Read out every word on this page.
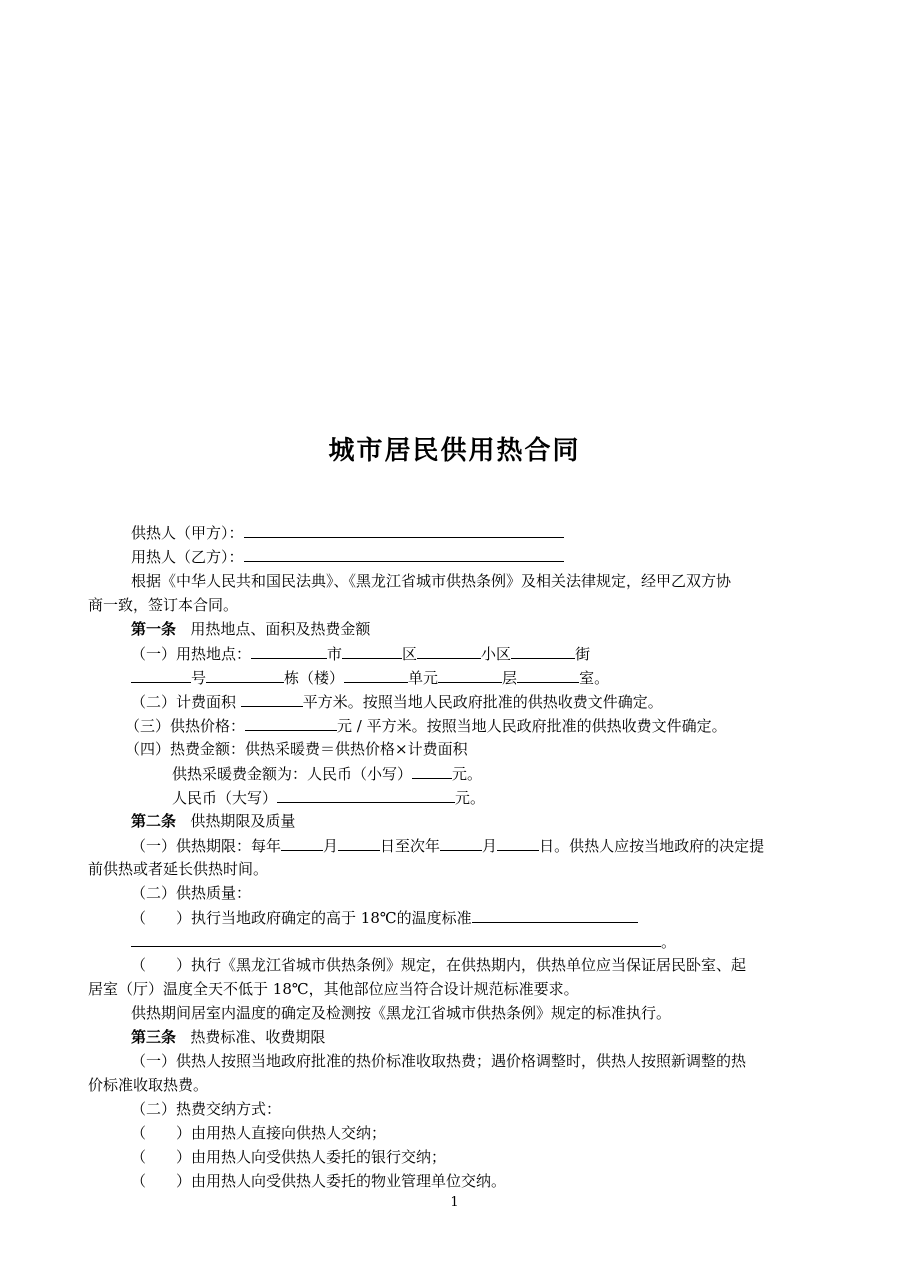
城市居民供用热合同
供热人（甲方）：
用热人（乙方）：
根据《中华人民共和国民法典》、《黑龙江省城市供热条例》及相关法律规定，经甲乙双方协
商一致，签订本合同。
第一条 用热地点、面积及热费金额
（一）用热地点：	市	区	小区	街
号	栋（楼）	单元	层	室。
（二）计费面积	平方米。按照当地人民政府批准的供热收费文件确定。
（三）供热价格：	元 / 平方米。按照当地人民政府批准的供热收费文件确定。
（四）热费金额：供热采暖费＝供热价格×计费面积
供热采暖费金额为：人民币（小写）	元。
人民币（大写）	元。
第二条 供热期限及质量
（一）供热期限：每年	月	日至次年	月	日。供热人应按当地政府的决定提
前供热或者延长供热时间。
（二）供热质量：
（　　）执行当地政府确定的高于 18℃的温度标准
。
（　　）执行《黑龙江省城市供热条例》规定，在供热期内，供热单位应当保证居民卧室、起
居室（厅）温度全天不低于 18℃，其他部位应当符合设计规范标准要求。
供热期间居室内温度的确定及检测按《黑龙江省城市供热条例》规定的标准执行。
第三条 热费标准、收费期限
（一）供热人按照当地政府批准的热价标准收取热费；遇价格调整时，供热人按照新调整的热
价标准收取热费。
（二）热费交纳方式：
（　　）由用热人直接向供热人交纳；
（　　）由用热人向受供热人委托的银行交纳；
（　　）由用热人向受供热人委托的物业管理单位交纳。
1
